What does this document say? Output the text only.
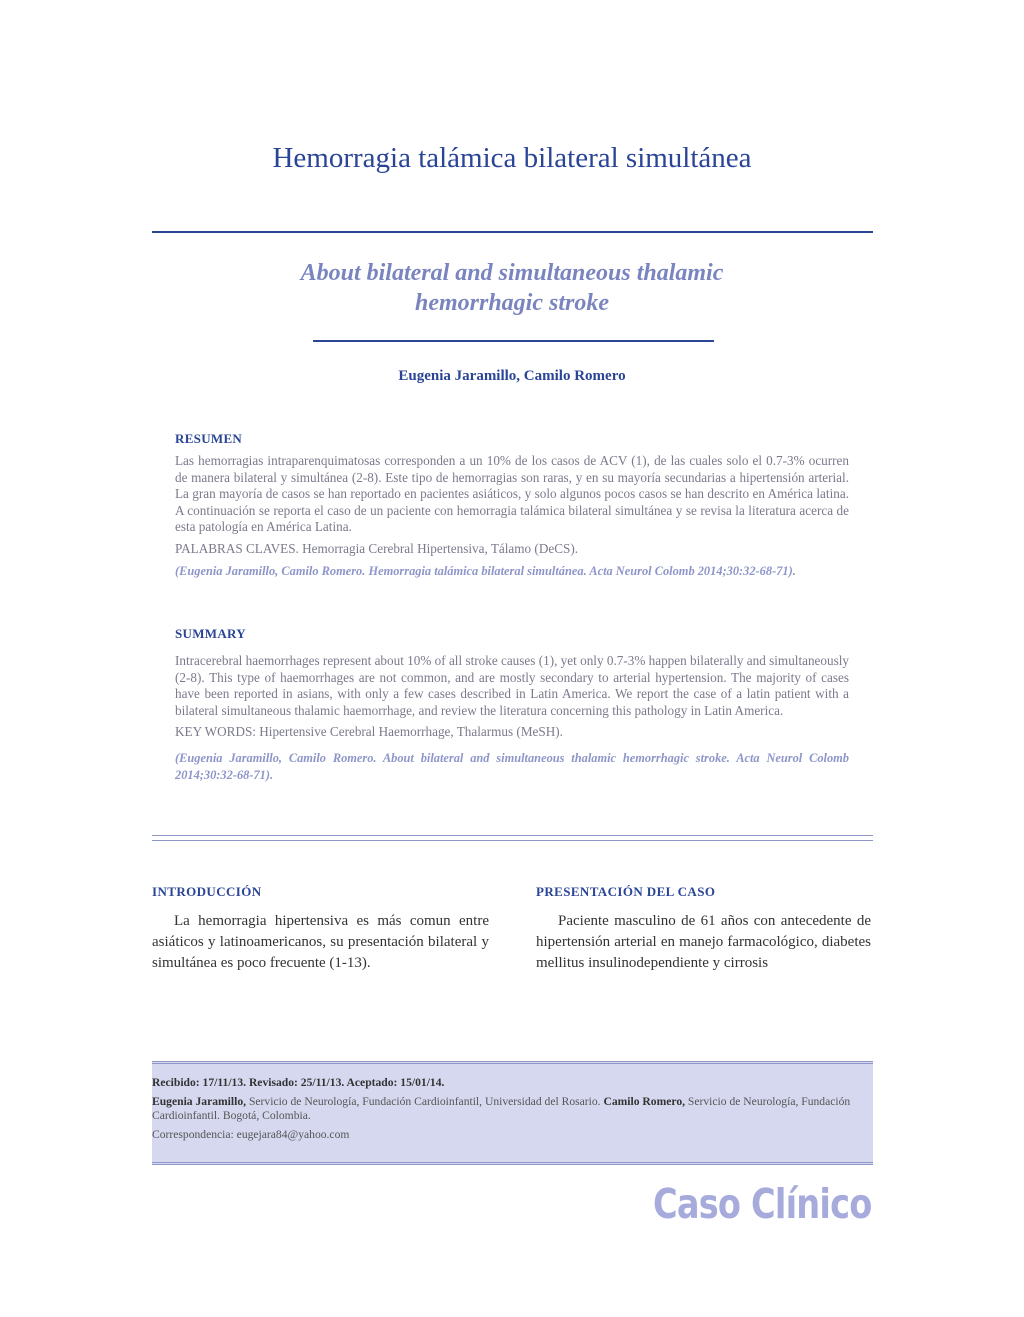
Hemorragia talámica bilateral simultánea
About bilateral and simultaneous thalamic
hemorrhagic stroke
Eugenia Jaramillo, Camilo Romero
RESUMEN

Las hemorragias intraparenquimatosas corresponden a un 10% de los casos de ACV (1), de las cuales solo el 0.7-3% ocurren de manera bilateral y simultánea (2-8). Este tipo de hemorragias son raras, y en su mayoría secundarias a hipertensión arterial. La gran mayoría de casos se han reportado en pacientes asiáticos, y solo algunos pocos casos se han descrito en América latina. A continuación se reporta el caso de un paciente con hemorragia talámica bilateral simultánea y se revisa la literatura acerca de esta patología en América Latina.

PALABRAS CLAVES. Hemorragia Cerebral Hipertensiva, Tálamo (DeCS).

(Eugenia Jaramillo, Camilo Romero. Hemorragia talámica bilateral simultánea. Acta Neurol Colomb 2014;30:32-68-71).

SUMMARY

Intracerebral haemorrhages represent about 10% of all stroke causes (1), yet only 0.7-3% happen bilaterally and simultaneously (2-8). This type of haemorrhages are not common, and are mostly secondary to arterial hypertension. The majority of cases have been reported in asians, with only a few cases described in Latin America. We report the case of a latin patient with a bilateral simultaneous thalamic haemorrhage, and review the literatura concerning this pathology in Latin America.

KEY WORDS: Hipertensive Cerebral Haemorrhage, Thalarmus (MeSH).

(Eugenia Jaramillo, Camilo Romero. About bilateral and simultaneous thalamic hemorrhagic stroke. Acta Neurol Colomb 2014;30:32-68-71).

INTRODUCCIÓN

La hemorragia hipertensiva es más comun entre asiáticos y latinoamericanos, su presentación bilateral y simultánea es poco frecuente (1-13).

PRESENTACIÓN DEL CASO

Paciente masculino de 61 años con antecedente de hipertensión arterial en manejo farmacológico, diabetes mellitus insulinodependiente y cirrosis

Recibido: 17/11/13. Revisado: 25/11/13. Aceptado: 15/01/14.

Eugenia Jaramillo, Servicio de Neurología, Fundación Cardioinfantil, Universidad del Rosario. Camilo Romero, Servicio de Neurología, Fundación Cardioinfantil. Bogotá, Colombia.

Correspondencia: eugejara84@yahoo.com

Caso Clínico
